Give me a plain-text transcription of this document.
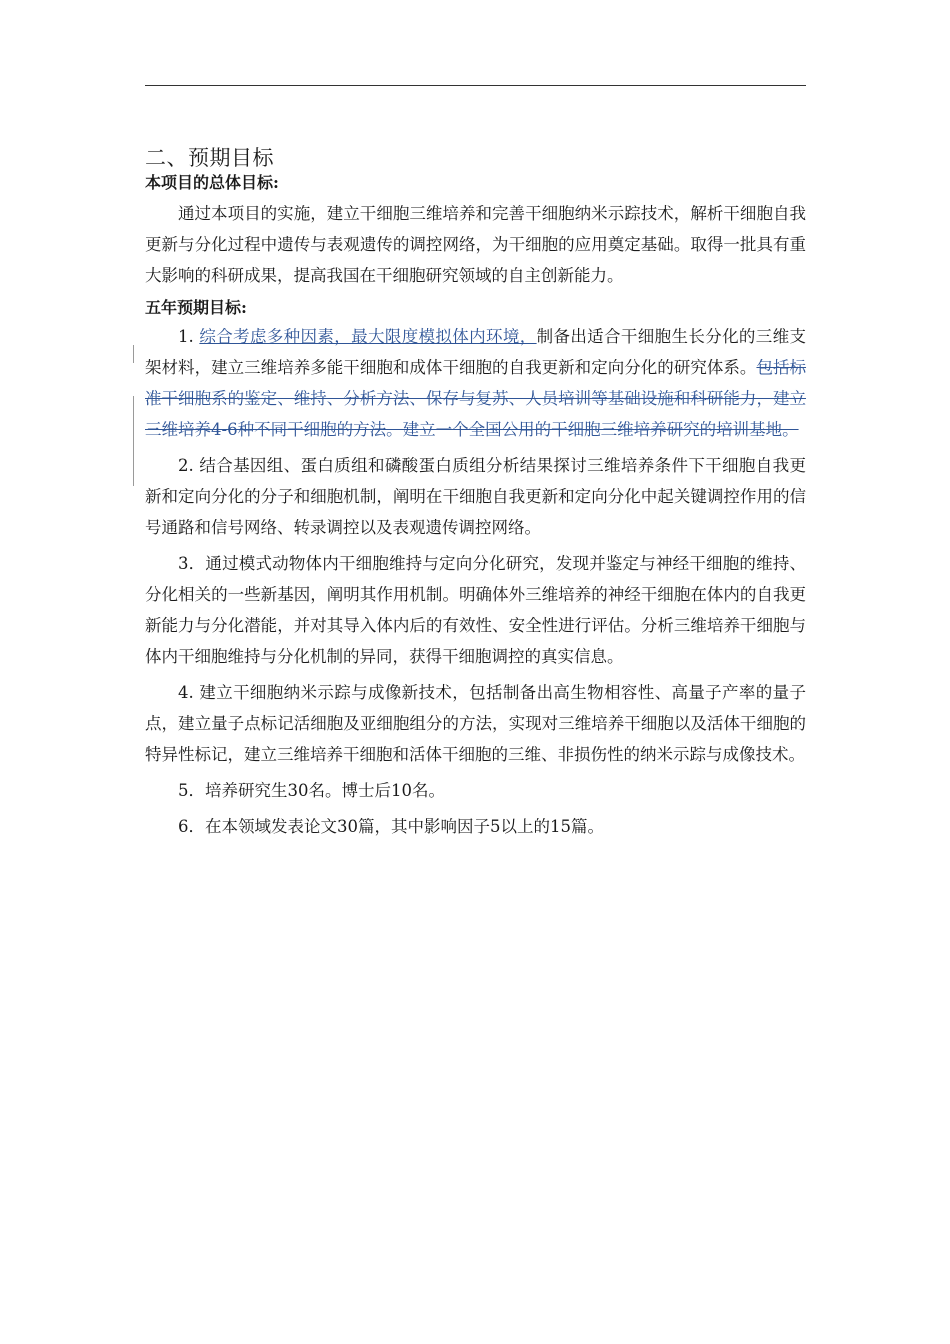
二、预期目标

本项目的总体目标:

通过本项目的实施，建立干细胞三维培养和完善干细胞纳米示踪技术，解析干细胞自我更新与分化过程中遗传与表观遗传的调控网络，为干细胞的应用奠定基础。取得一批具有重大影响的科研成果，提高我国在干细胞研究领域的自主创新能力。

五年预期目标:

1. 综合考虑多种因素，最大限度模拟体内环境，制备出适合干细胞生长分化的三维支架材料，建立三维培养多能干细胞和成体干细胞的自我更新和定向分化的研究体系。包括标准干细胞系的鉴定、维持、分析方法、保存与复苏、人员培训等基础设施和科研能力，建立三维培养4-6种不同干细胞的方法。建立一个全国公用的干细胞三维培养研究的培训基地。

2. 结合基因组、蛋白质组和磷酸蛋白质组分析结果探讨三维培养条件下干细胞自我更新和定向分化的分子和细胞机制，阐明在干细胞自我更新和定向分化中起关键调控作用的信号通路和信号网络、转录调控以及表观遗传调控网络。

3．通过模式动物体内干细胞维持与定向分化研究，发现并鉴定与神经干细胞的维持、分化相关的一些新基因，阐明其作用机制。明确体外三维培养的神经干细胞在体内的自我更新能力与分化潜能，并对其导入体内后的有效性、安全性进行评估。分析三维培养干细胞与体内干细胞维持与分化机制的异同，获得干细胞调控的真实信息。

4. 建立干细胞纳米示踪与成像新技术，包括制备出高生物相容性、高量子产率的量子点，建立量子点标记活细胞及亚细胞组分的方法，实现对三维培养干细胞以及活体干细胞的特异性标记，建立三维培养干细胞和活体干细胞的三维、非损伤性的纳米示踪与成像技术。

5．培养研究生30名。博士后10名。

6．在本领域发表论文30篇，其中影响因子5以上的15篇。
